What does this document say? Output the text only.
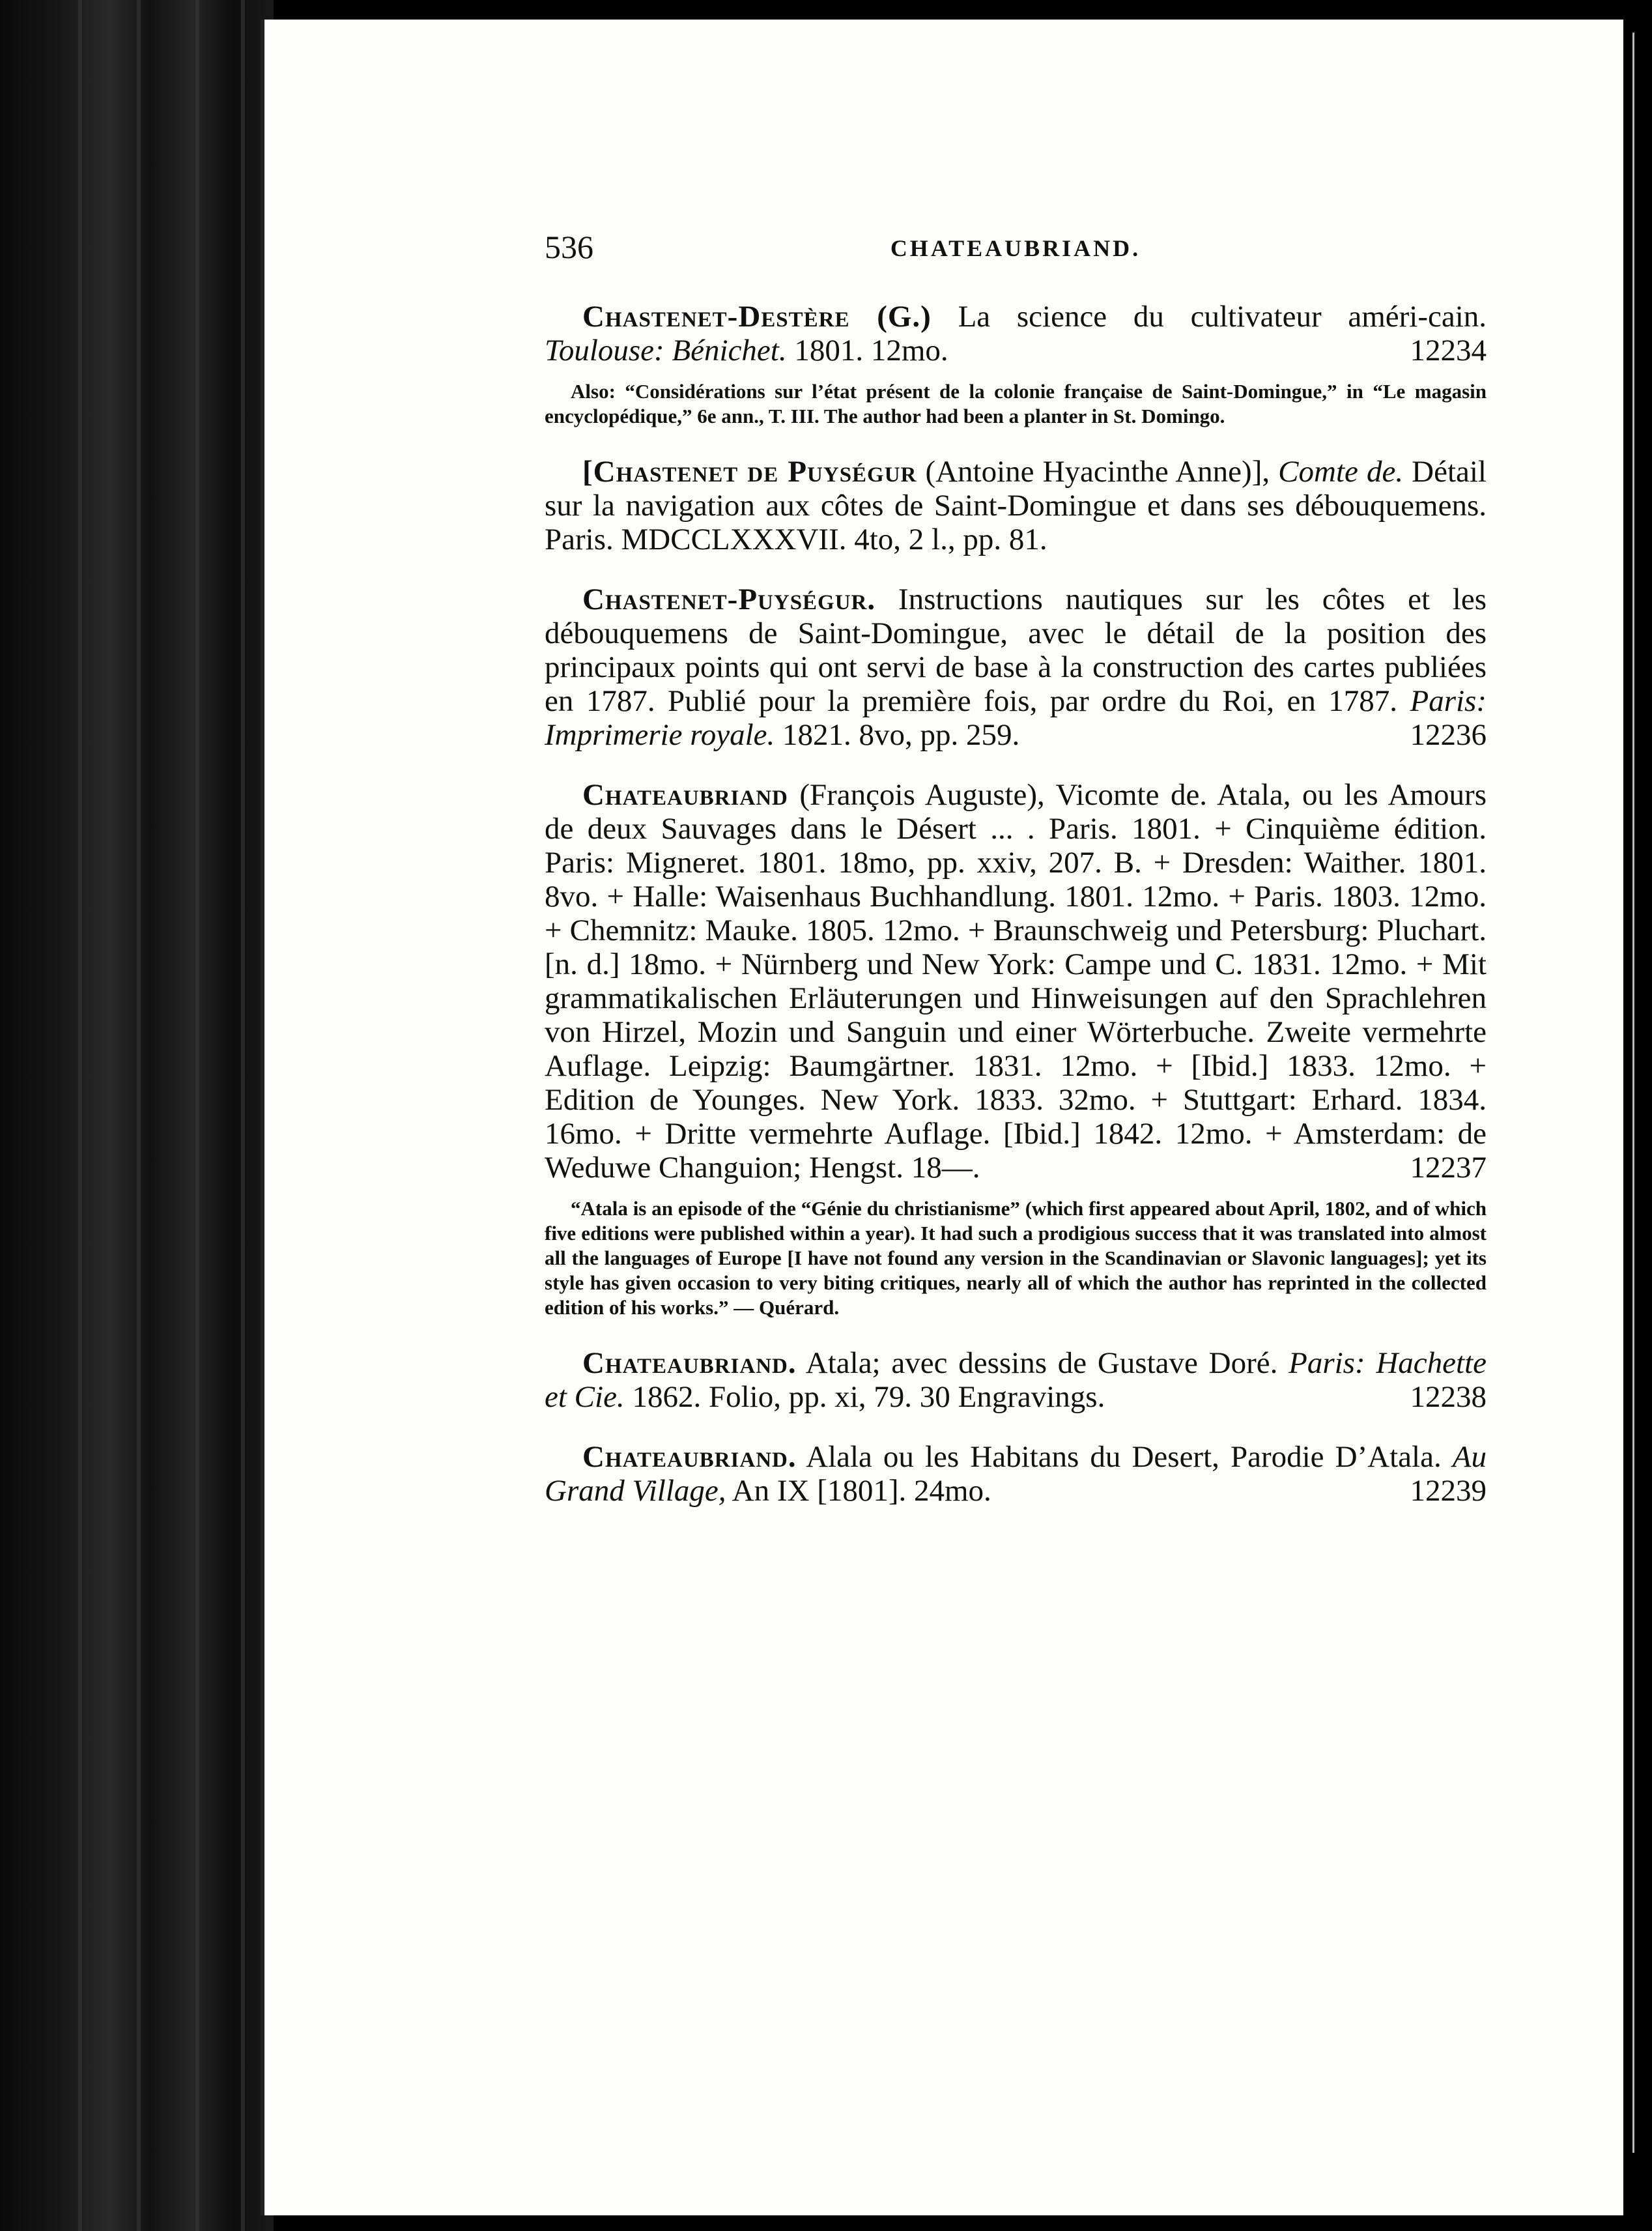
536	CHATEAUBRIAND.
Chastenet-Destère (G.) La science du cultivateur améri-cain. Toulouse: Bénichet. 1801. 12mo.	12234
Also: “Considérations sur l’état présent de la colonie française de Saint-Domingue,” in “Le magasin encyclopédique,” 6e ann., T. III. The author had been a planter in St. Domingo.
[Chastenet de Puységur (Antoine Hyacinthe Anne)], Comte de. Détail sur la navigation aux côtes de Saint-Domingue et dans ses débouquemens. Paris. MDCCLXXXVII. 4to, 2 l., pp. 81.
Chastenet-Puységur. Instructions nautiques sur les côtes et les débouquemens de Saint-Domingue, avec le détail de la position des principaux points qui ont servi de base à la construction des cartes publiées en 1787. Publié pour la première fois, par ordre du Roi, en 1787. Paris: Imprimerie royale. 1821. 8vo, pp. 259.	12236
Chateaubriand (François Auguste), Vicomte de. Atala, ou les Amours de deux Sauvages dans le Désert ... . Paris. 1801. + Cinquième édition. Paris: Migneret. 1801. 18mo, pp. xxiv, 207. B. + Dresden: Waither. 1801. 8vo. + Halle: Waisenhaus Buchhandlung. 1801. 12mo. + Paris. 1803. 12mo. + Chemnitz: Mauke. 1805. 12mo. + Braunschweig und Petersburg: Pluchart. [n. d.] 18mo. + Nürnberg und New York: Campe und C. 1831. 12mo. + Mit grammatikalischen Erläuterungen und Hinweisungen auf den Sprachlehren von Hirzel, Mozin und Sanguin und einer Wörterbuche. Zweite vermehrte Auflage. Leipzig: Baumgärtner. 1831. 12mo. + [Ibid.] 1833. 12mo. + Edition de Younges. New York. 1833. 32mo. + Stuttgart: Erhard. 1834. 16mo. + Dritte vermehrte Auflage. [Ibid.] 1842. 12mo. + Amsterdam: de Weduwe Changuion; Hengst. 18—.	12237
“Atala is an episode of the “Génie du christianisme” (which first appeared about April, 1802, and of which five editions were published within a year). It had such a prodigious success that it was translated into almost all the languages of Europe [I have not found any version in the Scandinavian or Slavonic languages]; yet its style has given occasion to very biting critiques, nearly all of which the author has reprinted in the collected edition of his works.” — Quérard.
Chateaubriand. Atala; avec dessins de Gustave Doré. Paris: Hachette et Cie. 1862. Folio, pp. xi, 79. 30 Engravings.	12238
Chateaubriand. Alala ou les Habitans du Desert, Parodie D’Atala. Au Grand Village, An IX [1801]. 24mo.	12239
